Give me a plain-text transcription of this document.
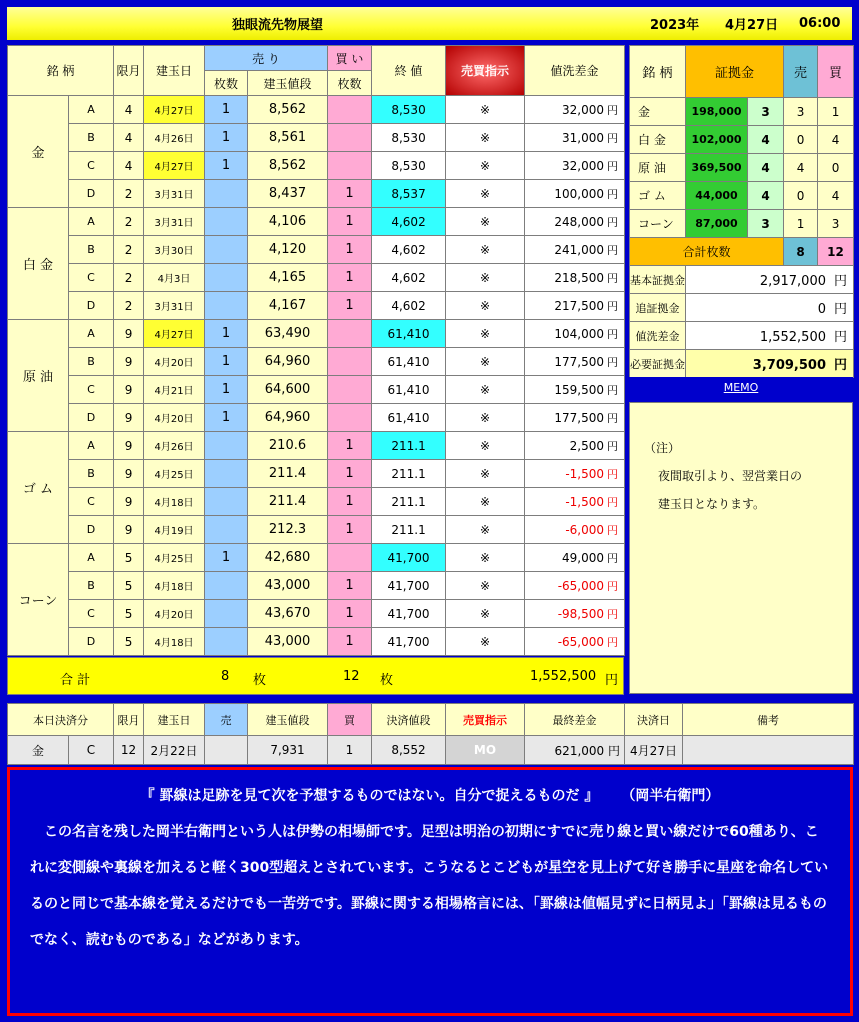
独眼流先物展望	2023年 4月27日 06:00
銘 柄		限月	建玉日	売 り		買 い	終 値	売買指示	値洗差金
				枚数	建玉値段	枚数			
金	A	4	4月27日	1	8,562		8,530	※	32,000 円
	B	4	4月26日	1	8,561		8,530	※	31,000 円
	C	4	4月27日	1	8,562		8,530	※	32,000 円
	D	2	3月31日		8,437	1	8,537	※	100,000 円
白 金	A	2	3月31日		4,106	1	4,602	※	248,000 円
	B	2	3月30日		4,120	1	4,602	※	241,000 円
	C	2	4月3日		4,165	1	4,602	※	218,500 円
	D	2	3月31日		4,167	1	4,602	※	217,500 円
原 油	A	9	4月27日	1	63,490		61,410	※	104,000 円
	B	9	4月20日	1	64,960		61,410	※	177,500 円
	C	9	4月21日	1	64,600		61,410	※	159,500 円
	D	9	4月20日	1	64,960		61,410	※	177,500 円
ゴ ム	A	9	4月26日		210.6	1	211.1	※	2,500 円
	B	9	4月25日		211.4	1	211.1	※	-1,500 円
	C	9	4月18日		211.4	1	211.1	※	-1,500 円
	D	9	4月19日		212.3	1	211.1	※	-6,000 円
コーン	A	5	4月25日	1	42,680		41,700	※	49,000 円
	B	5	4月18日		43,000	1	41,700	※	-65,000 円
	C	5	4月20日		43,670	1	41,700	※	-98,500 円
	D	5	4月18日		43,000	1	41,700	※	-65,000 円
合 計	8 枚	12 枚	1,552,500 円
銘 柄	証拠金		売	買
金	198,000	3	3	1
白 金	102,000	4	0	4
原 油	369,500	4	4	0
ゴ ム	44,000	4	0	4
コーン	87,000	3	1	3
合計枚数			8	12
基本証拠金	2,917,000 円			
追証拠金	0 円			
値洗差金	1,552,500 円			
必要証拠金	3,709,500 円			
MEMO
（注）
夜間取引より、翌営業日の
建玉日となります。
本日決済分		限月	建玉日	売	建玉値段	買	決済値段	売買指示	最終差金	決済日	備考
金	C	12	2月22日		7,931	1	8,552	MO	621,000 円	4月27日	
『 罫線は足跡を見て次を予想するものではない。自分で捉えるものだ 』 （岡半右衛門）
　この名言を残した岡半右衛門という人は伊勢の相場師です。足型は明治の初期にすでに売り線と買い線だけで60種あり、これに変側線や裏線を加えると軽く300型超えとされています。こうなるとこどもが星空を見上げて好き勝手に星座を命名しているのと同じで基本線を覚えるだけでも一苦労です。罫線に関する相場格言には、「罫線は値幅見ずに日柄見よ」「罫線は見るものでなく、読むものである」などがあります。
